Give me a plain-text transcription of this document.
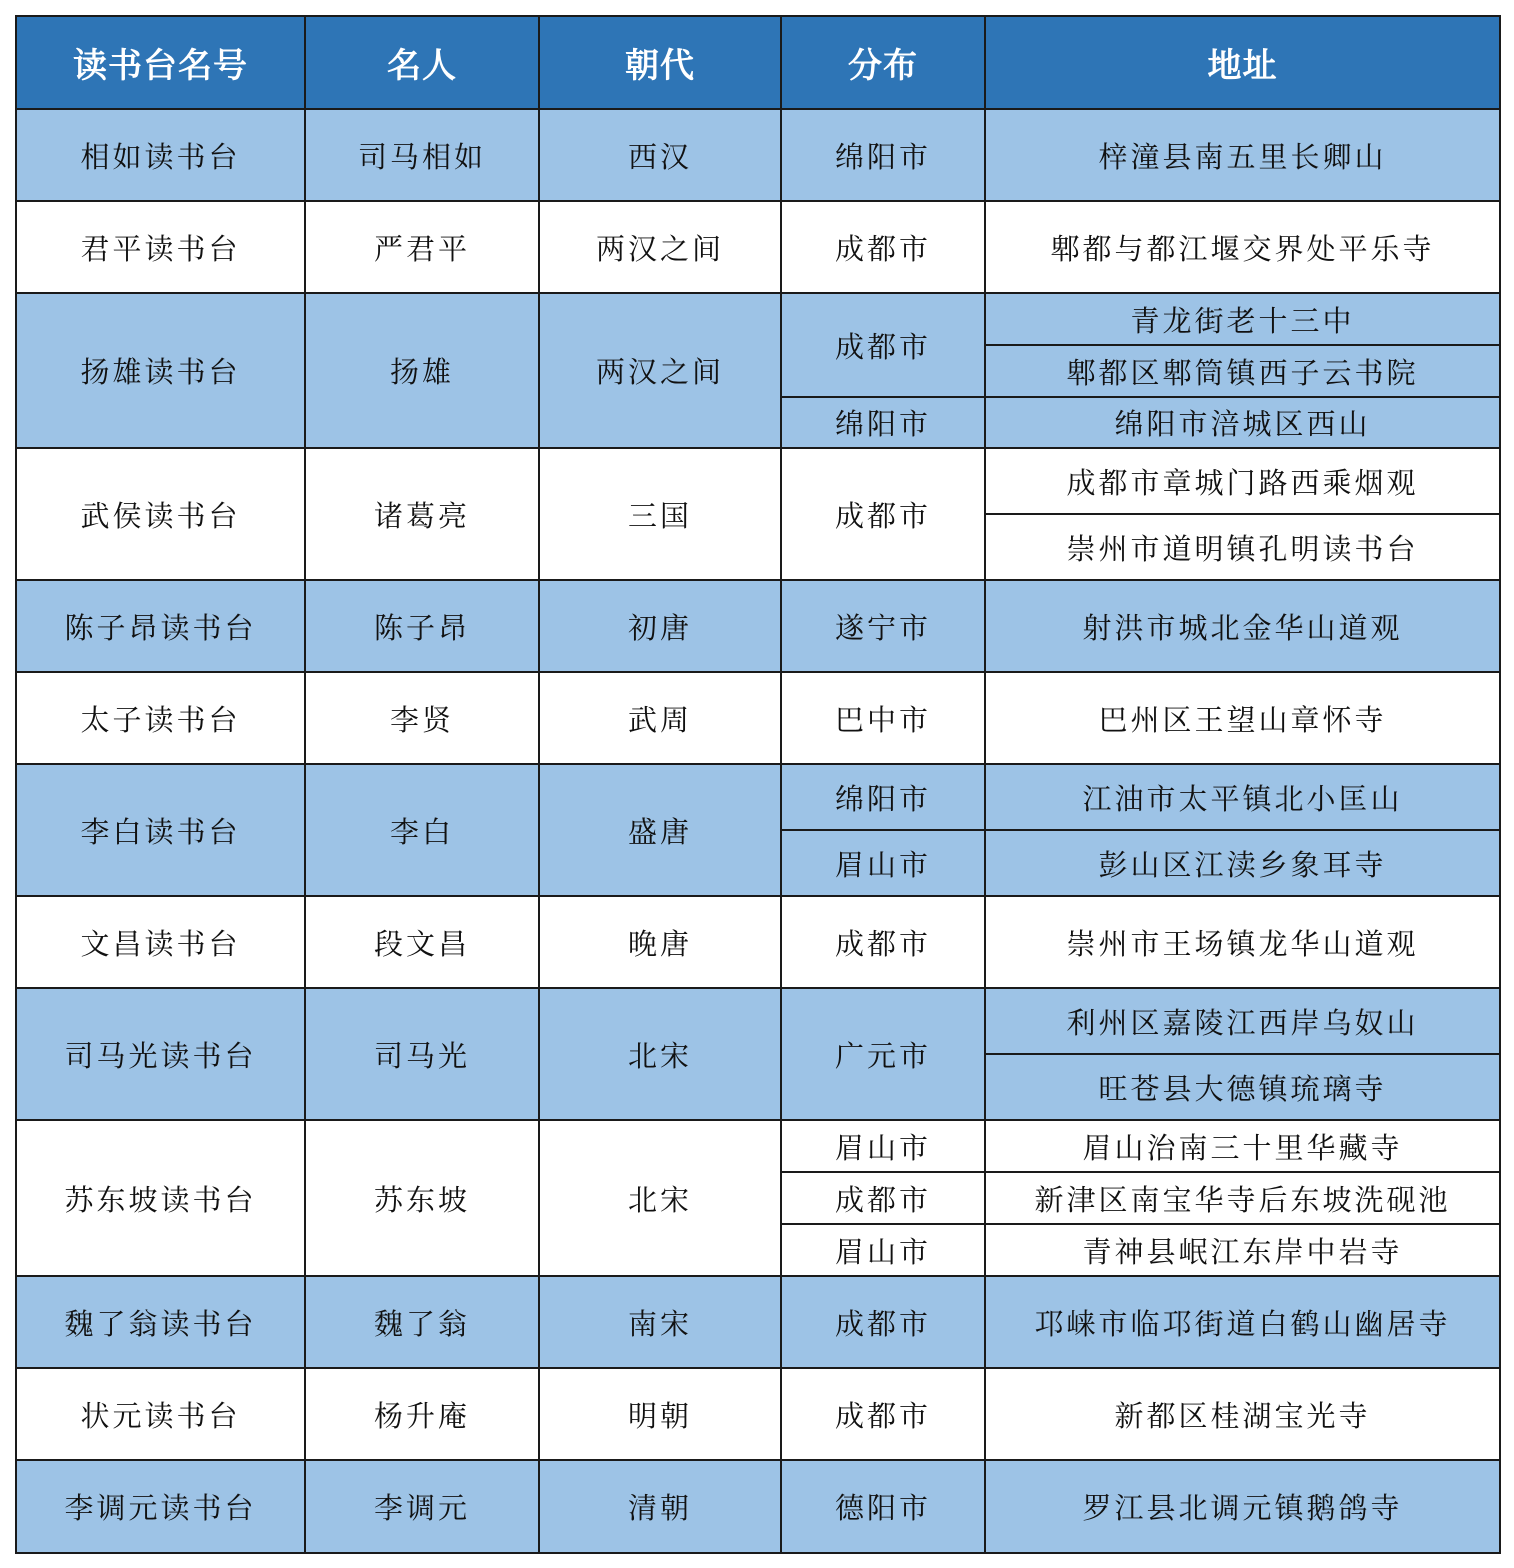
读书台名号	名人	朝代	分布	地址
相如读书台	司马相如	西汉	绵阳市	梓潼县南五里长卿山
君平读书台	严君平	两汉之间	成都市	郫都与都江堰交界处平乐寺
扬雄读书台	扬雄	两汉之间	成都市	青龙街老十三中
				郫都区郫筒镇西子云书院
			绵阳市	绵阳市涪城区西山
武侯读书台	诸葛亮	三国	成都市	成都市章城门路西乘烟观
				崇州市道明镇孔明读书台
陈子昂读书台	陈子昂	初唐	遂宁市	射洪市城北金华山道观
太子读书台	李贤	武周	巴中市	巴州区王望山章怀寺
李白读书台	李白	盛唐	绵阳市	江油市太平镇北小匡山
			眉山市	彭山区江渎乡象耳寺
文昌读书台	段文昌	晚唐	成都市	崇州市王场镇龙华山道观
司马光读书台	司马光	北宋	广元市	利州区嘉陵江西岸乌奴山
				旺苍县大德镇琉璃寺
苏东坡读书台	苏东坡	北宋	眉山市	眉山治南三十里华藏寺
			成都市	新津区南宝华寺后东坡洗砚池
			眉山市	青神县岷江东岸中岩寺
魏了翁读书台	魏了翁	南宋	成都市	邛崃市临邛街道白鹤山幽居寺
状元读书台	杨升庵	明朝	成都市	新都区桂湖宝光寺
李调元读书台	李调元	清朝	德阳市	罗江县北调元镇鹅鸽寺
